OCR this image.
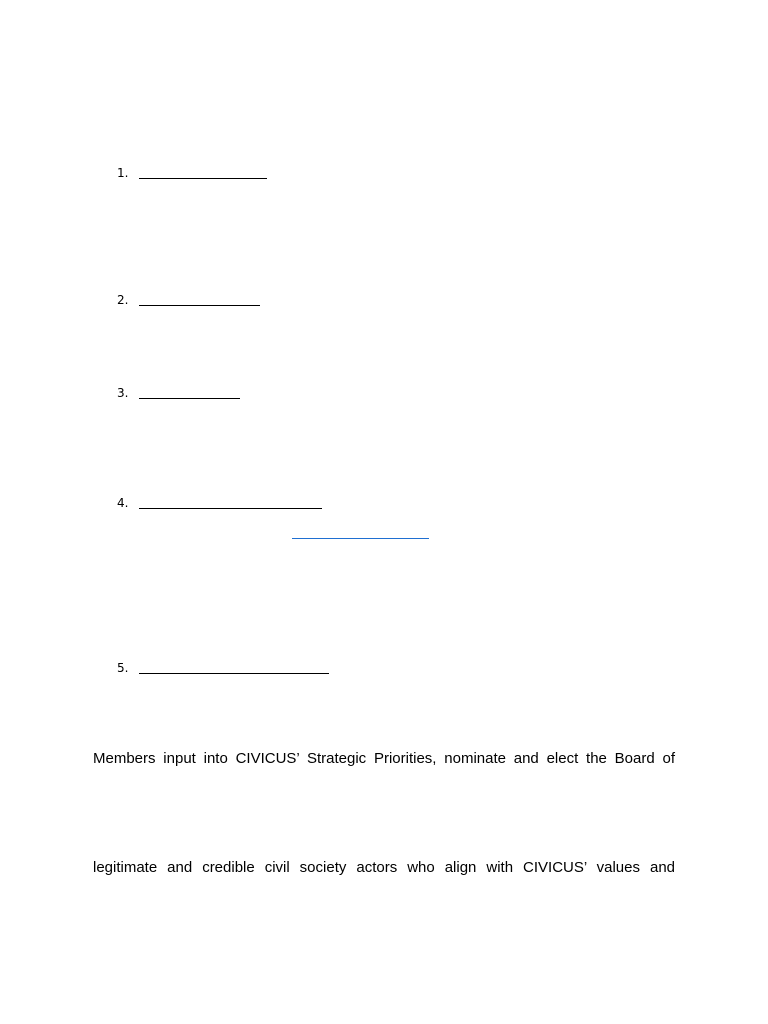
1.
2.
3.
4.
5.
Members input into CIVICUS’ Strategic Priorities, nominate and elect the Board of
legitimate and credible civil society actors who align with CIVICUS’ values and
